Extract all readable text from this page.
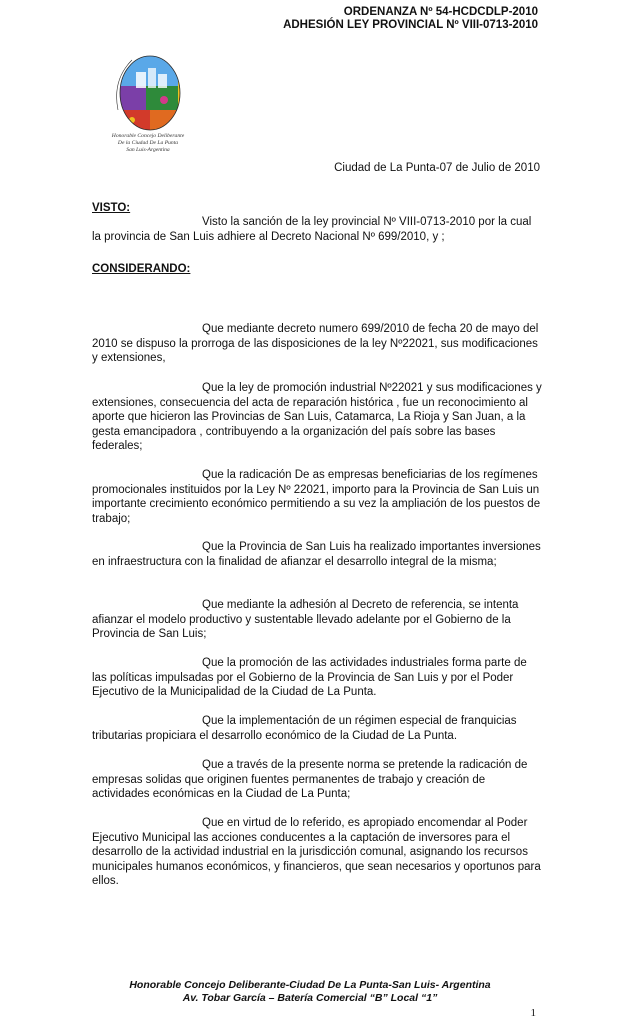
ORDENANZA Nº 54-HCDCDLP-2010
ADHESIÓN LEY PROVINCIAL Nº VIII-0713-2010
Honorable Concejo Deliberante
De la Ciudad De La Punta
San Luis-Argentina
Ciudad de La Punta-07 de Julio de 2010
VISTO:

Visto la sanción de la ley provincial Nº VIII-0713-2010 por la cual la provincia de San Luis adhiere al Decreto Nacional Nº 699/2010, y ;

CONSIDERANDO:

Que mediante decreto numero 699/2010 de fecha 20 de mayo del 2010 se dispuso la prorroga de las disposiciones de la ley Nº22021, sus modificaciones y extensiones,

Que la ley de promoción industrial Nº22021 y sus modificaciones y extensiones, consecuencia del acta de reparación histórica , fue un reconocimiento al aporte que hicieron las Provincias de San Luis, Catamarca, La Rioja y San Juan, a la gesta emancipadora , contribuyendo a la organización del país sobre las bases federales;

Que la radicación De as empresas beneficiarias de los regímenes promocionales instituidos por la Ley Nº 22021, importo para la Provincia de San Luis un importante crecimiento económico permitiendo a su vez la ampliación de los puestos de trabajo;

Que la Provincia de San Luis ha realizado importantes inversiones en infraestructura con la finalidad de afianzar el desarrollo integral de la misma;

Que mediante la adhesión al Decreto de referencia, se intenta afianzar el modelo productivo y sustentable llevado adelante por el Gobierno de la Provincia de San Luis;

Que la promoción de las actividades industriales forma parte de las políticas impulsadas por el Gobierno de la Provincia de San Luis y por el Poder Ejecutivo de la Municipalidad de la Ciudad de La Punta.

Que la implementación de un régimen especial de franquicias tributarias propiciara el desarrollo económico de la Ciudad de La Punta.

Que a través de la presente norma se pretende la radicación de empresas solidas que originen fuentes permanentes de trabajo y creación de actividades económicas en la Ciudad de La Punta;

Que en virtud de lo referido, es apropiado encomendar al Poder Ejecutivo Municipal las acciones conducentes a la captación de inversores para el desarrollo de la actividad industrial en la jurisdicción comunal, asignando los recursos municipales humanos económicos, y financieros, que sean necesarios y oportunos para ellos.

Honorable Concejo Deliberante-Ciudad De La Punta-San Luis- Argentina
Av. Tobar García – Batería Comercial “B” Local “1”
1
